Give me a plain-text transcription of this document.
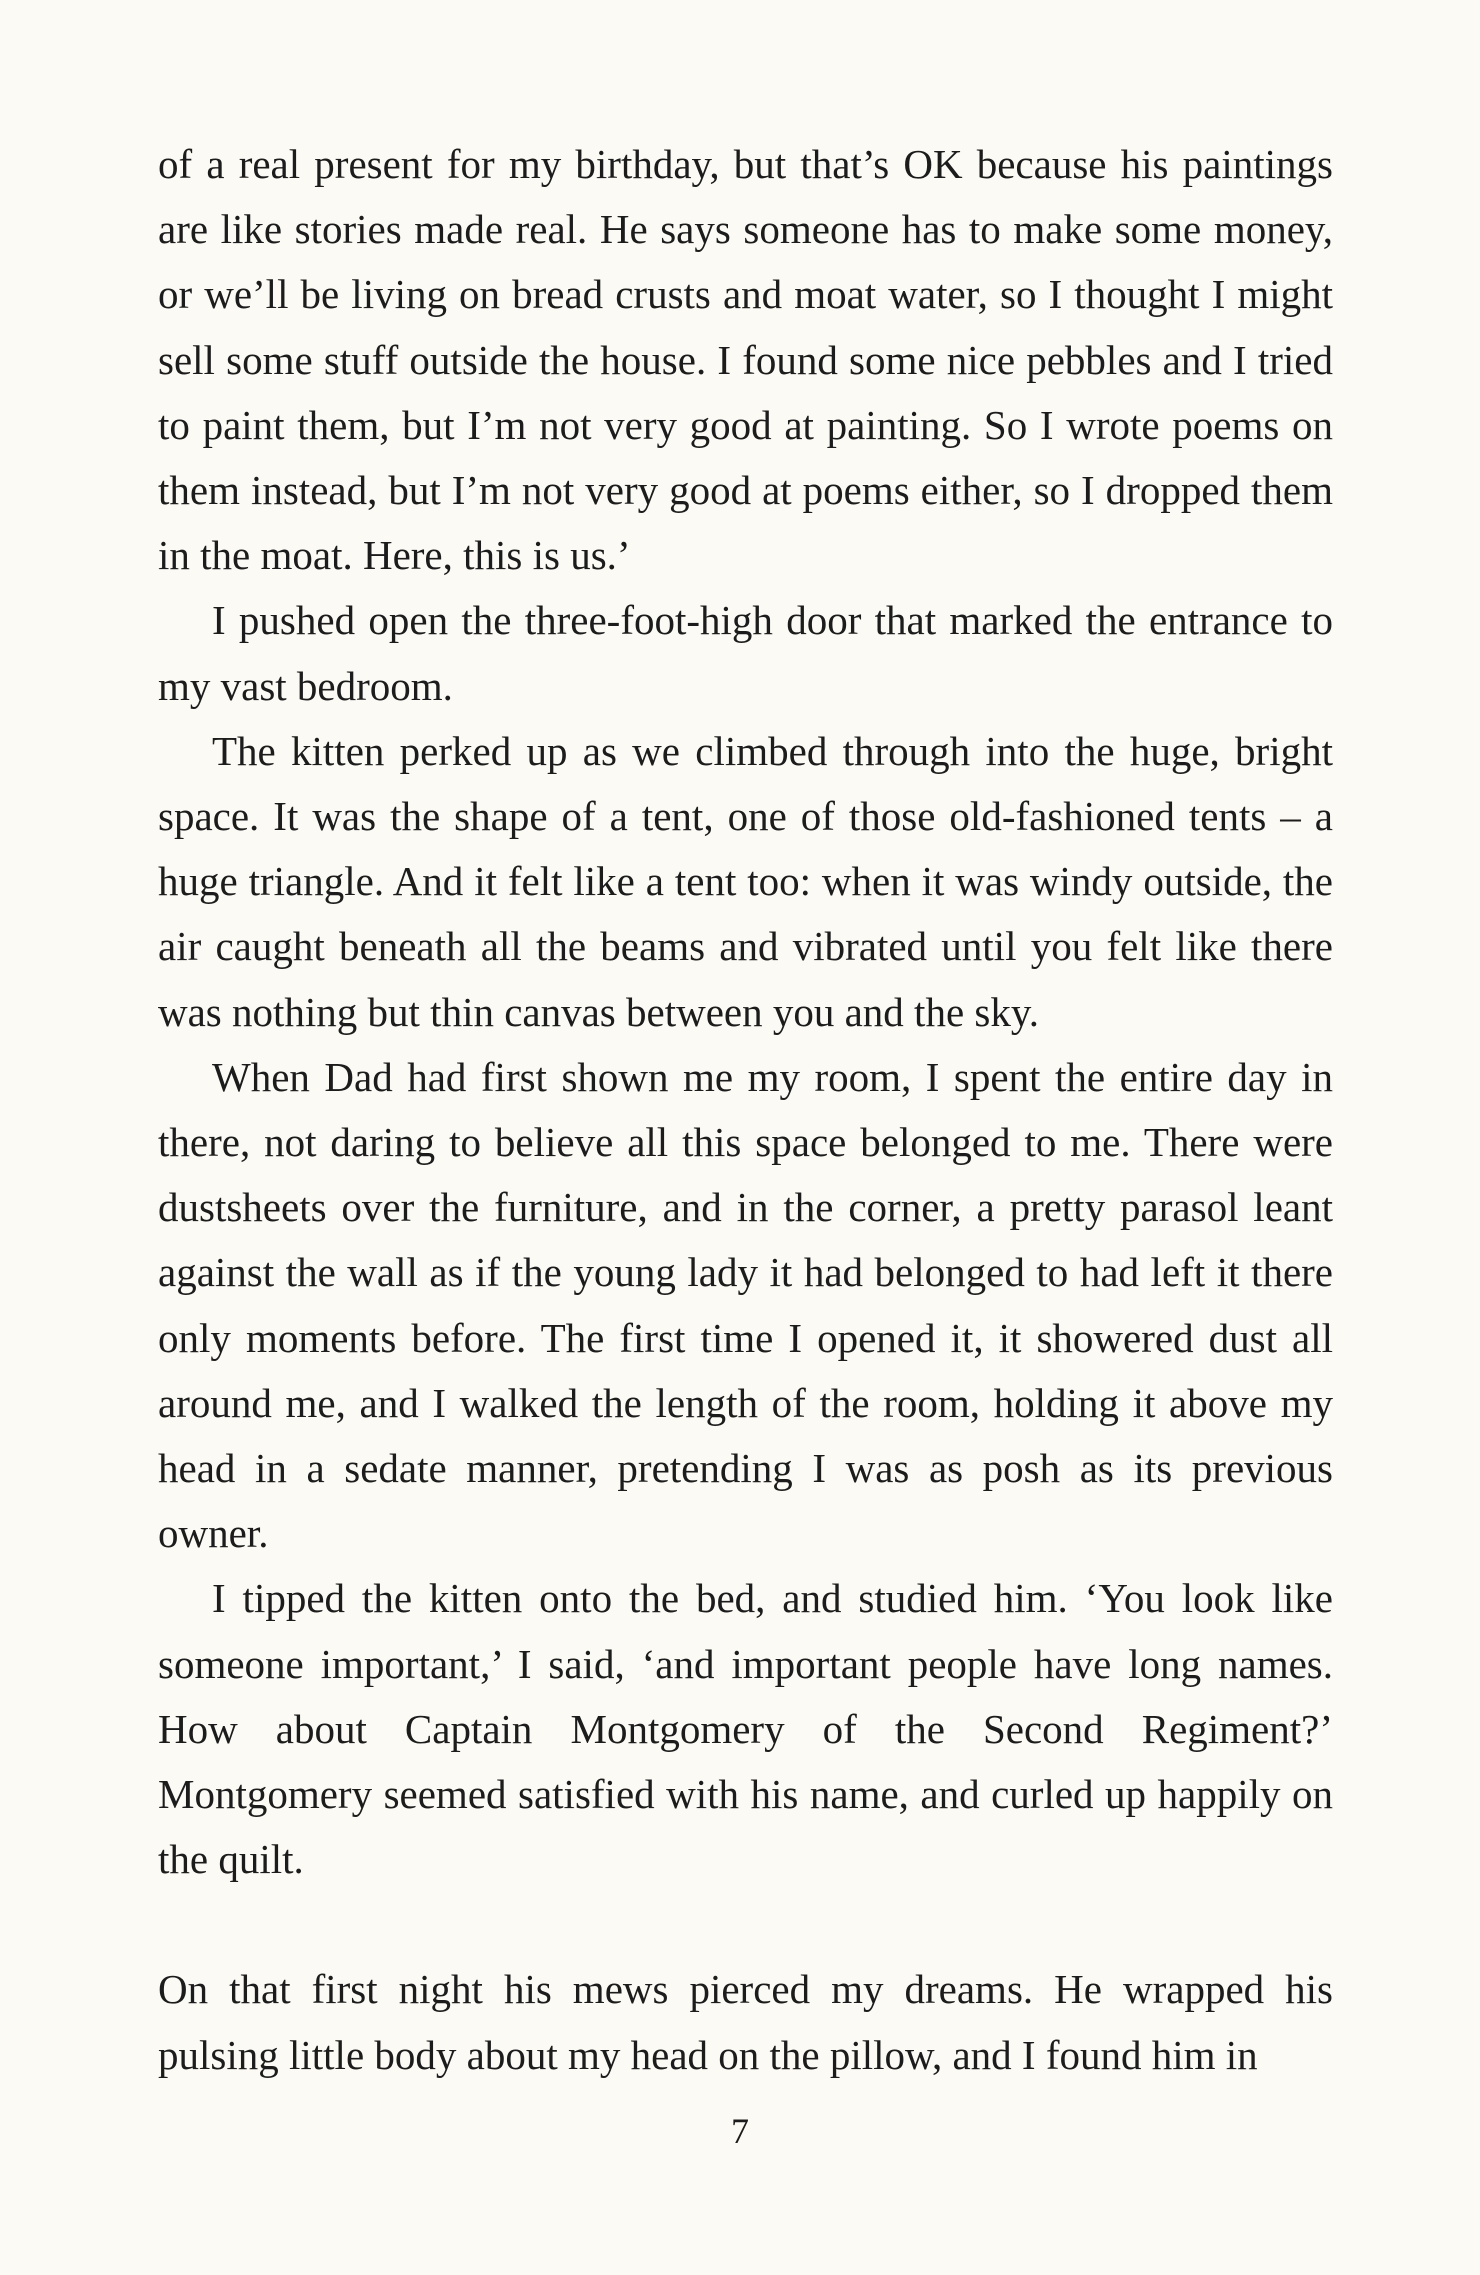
of a real present for my birthday, but that’s OK because his paintings are like stories made real. He says someone has to make some money, or we’ll be living on bread crusts and moat water, so I thought I might sell some stuff outside the house. I found some nice pebbles and I tried to paint them, but I’m not very good at painting. So I wrote poems on them instead, but I’m not very good at poems either, so I dropped them in the moat. Here, this is us.’

I pushed open the three-foot-high door that marked the entrance to my vast bedroom.

The kitten perked up as we climbed through into the huge, bright space. It was the shape of a tent, one of those old-fashioned tents – a huge triangle. And it felt like a tent too: when it was windy outside, the air caught beneath all the beams and vibrated until you felt like there was nothing but thin canvas between you and the sky.

When Dad had first shown me my room, I spent the entire day in there, not daring to believe all this space belonged to me. There were dustsheets over the furniture, and in the corner, a pretty parasol leant against the wall as if the young lady it had belonged to had left it there only moments before. The first time I opened it, it showered dust all around me, and I walked the length of the room, holding it above my head in a sedate manner, pretending I was as posh as its previous owner.

I tipped the kitten onto the bed, and studied him. ‘You look like someone important,’ I said, ‘and important people have long names. How about Captain Montgomery of the Second Regiment?’ Montgomery seemed satisfied with his name, and curled up happily on the quilt.

On that first night his mews pierced my dreams. He wrapped his pulsing little body about my head on the pillow, and I found him in

7
